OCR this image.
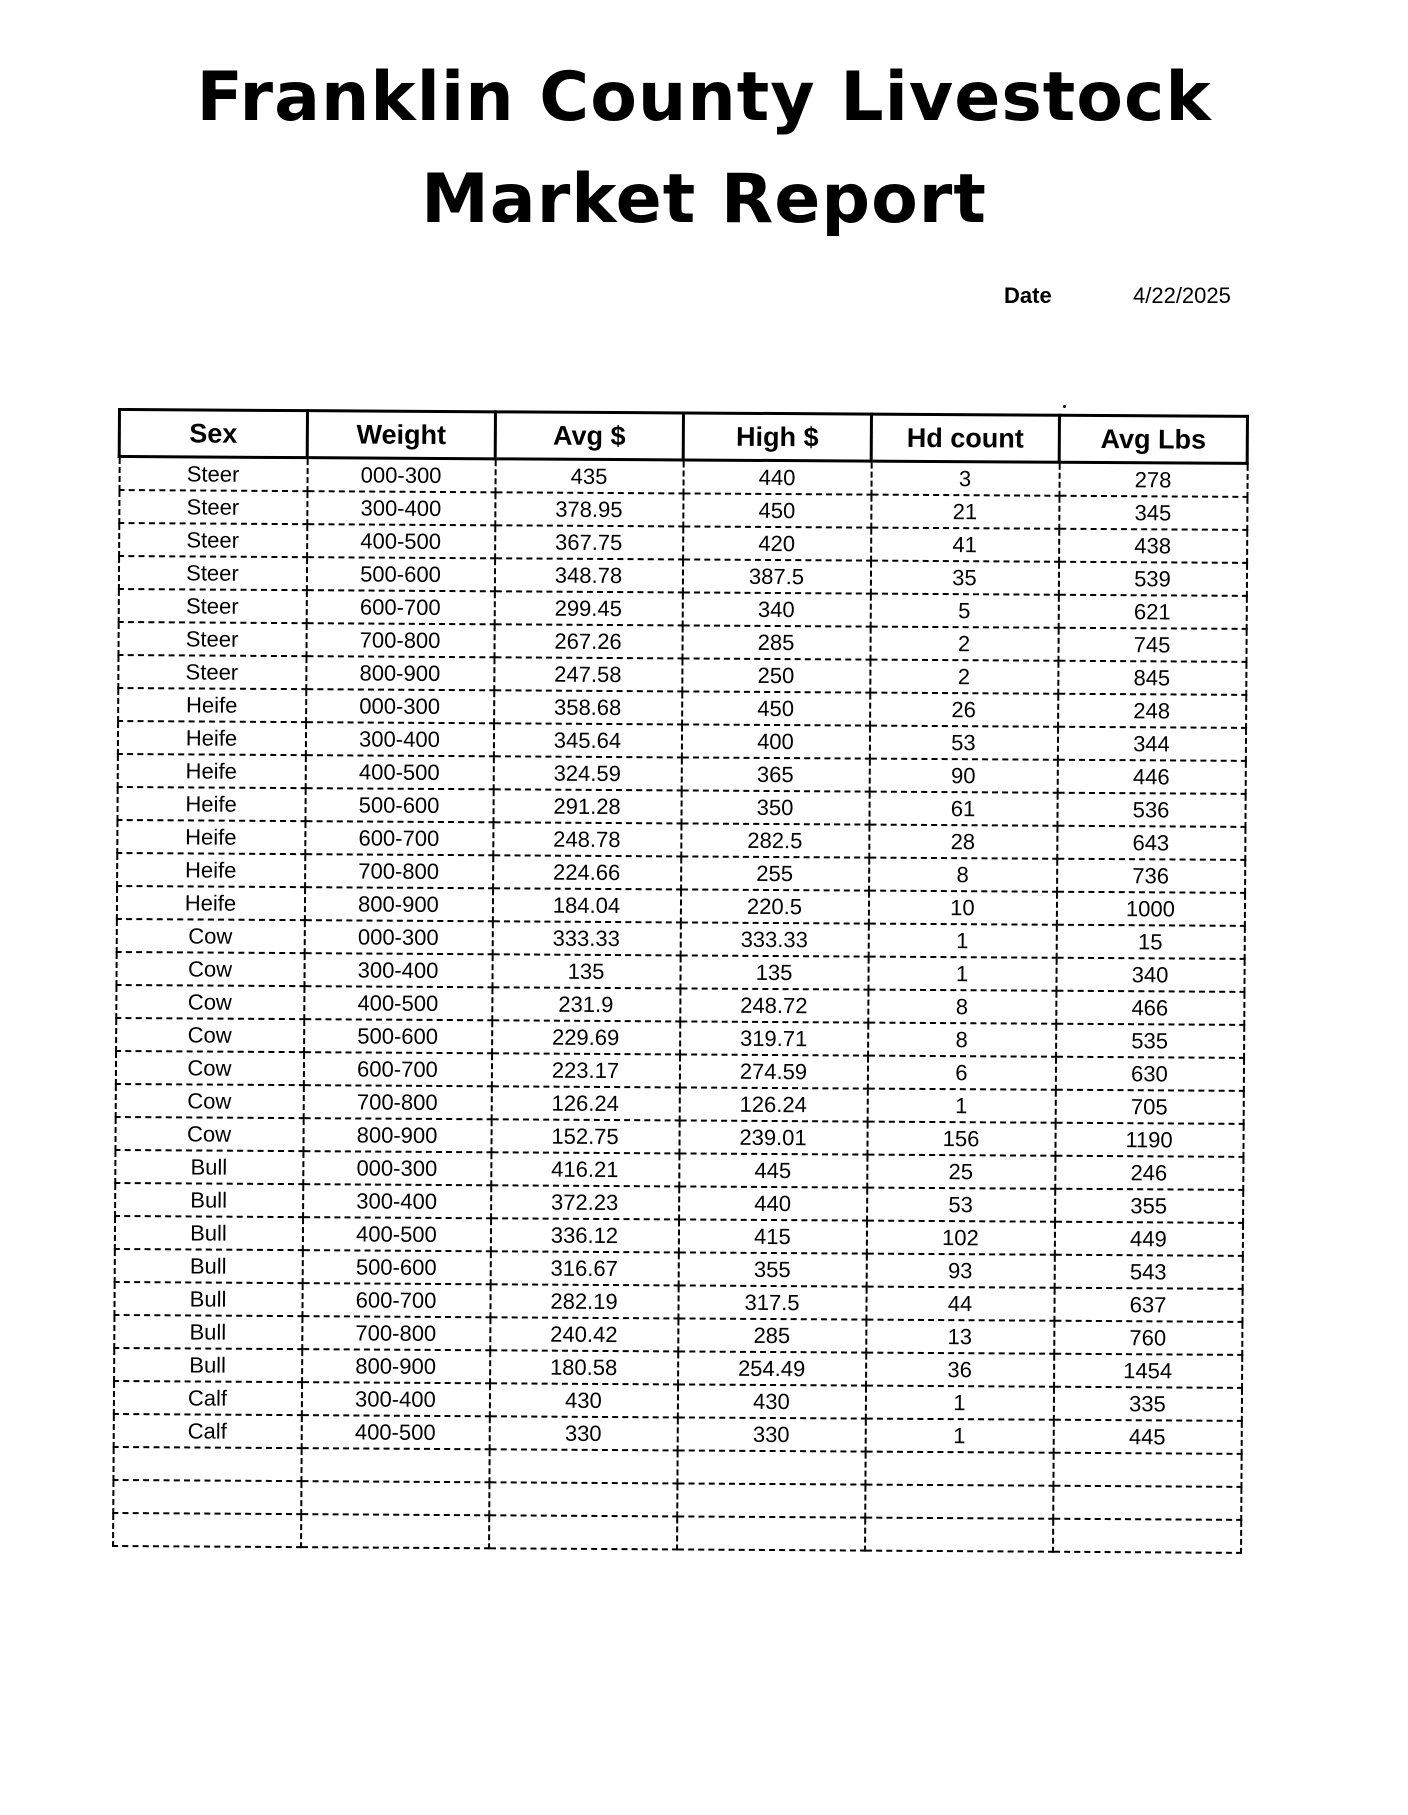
Franklin County Livestock
Market Report
Date	4/22/2025
Sex	Weight	Avg $	High $	Hd count	Avg Lbs
Steer	000-300	435	440	3	278
Steer	300-400	378.95	450	21	345
Steer	400-500	367.75	420	41	438
Steer	500-600	348.78	387.5	35	539
Steer	600-700	299.45	340	5	621
Steer	700-800	267.26	285	2	745
Steer	800-900	247.58	250	2	845
Heife	000-300	358.68	450	26	248
Heife	300-400	345.64	400	53	344
Heife	400-500	324.59	365	90	446
Heife	500-600	291.28	350	61	536
Heife	600-700	248.78	282.5	28	643
Heife	700-800	224.66	255	8	736
Heife	800-900	184.04	220.5	10	1000
Cow	000-300	333.33	333.33	1	15
Cow	300-400	135	135	1	340
Cow	400-500	231.9	248.72	8	466
Cow	500-600	229.69	319.71	8	535
Cow	600-700	223.17	274.59	6	630
Cow	700-800	126.24	126.24	1	705
Cow	800-900	152.75	239.01	156	1190
Bull	000-300	416.21	445	25	246
Bull	300-400	372.23	440	53	355
Bull	400-500	336.12	415	102	449
Bull	500-600	316.67	355	93	543
Bull	600-700	282.19	317.5	44	637
Bull	700-800	240.42	285	13	760
Bull	800-900	180.58	254.49	36	1454
Calf	300-400	430	430	1	335
Calf	400-500	330	330	1	445
